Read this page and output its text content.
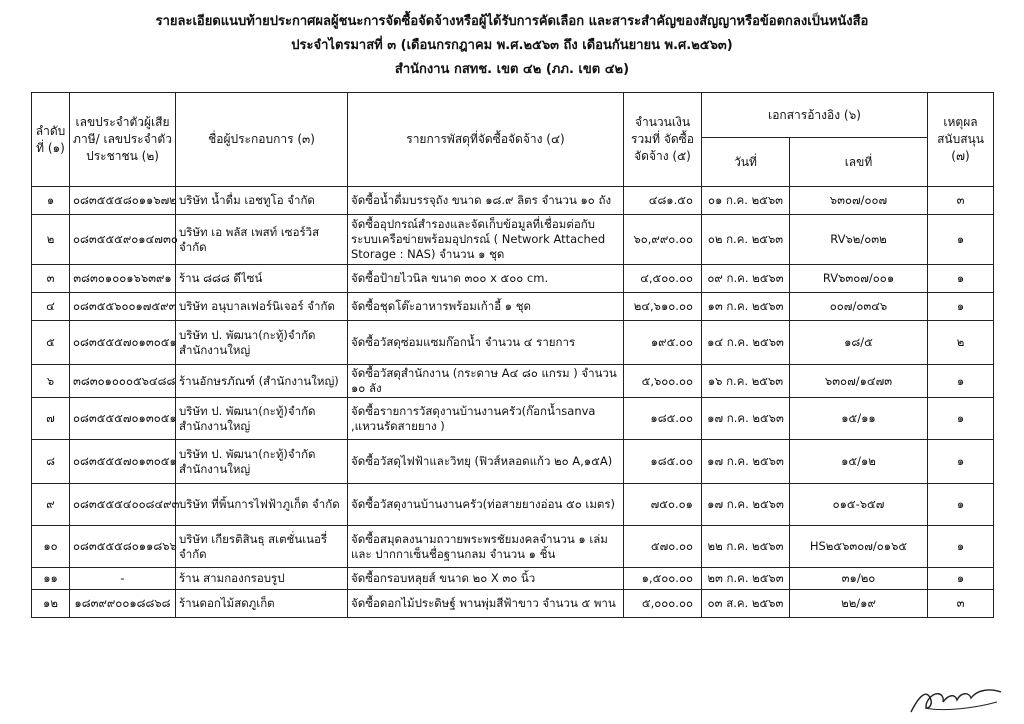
รายละเอียดแนบท้ายประกาศผลผู้ชนะการจัดซื้อจัดจ้างหรือผู้ได้รับการคัดเลือก และสาระสำคัญของสัญญาหรือข้อตกลงเป็นหนังสือ
ประจำไตรมาสที่ ๓ (เดือนกรกฎาคม พ.ศ.๒๕๖๓ ถึง เดือนกันยายน พ.ศ.๒๕๖๓)
สำนักงาน กสทช. เขต ๔๒ (ภภ. เขต ๔๒)
ลำดับ ที่ (๑)	เลขประจำตัวผู้เสีย ภาษี/ เลขประจำตัวประชาชน (๒)	ชื่อผู้ประกอบการ (๓)	รายการพัสดุที่จัดซื้อจัดจ้าง (๔)	จำนวนเงิน รวมที่ จัดซื้อจัดจ้าง (๕)	เอกสารอ้างอิง (๖)		เหตุผล สนับสนุน (๗)
					วันที่	เลขที่	
๑	๐๘๓๕๕๕๘๐๑๑๖๗๒	บริษัท น้ำดื่ม เอชทูโอ จำกัด	จัดซื้อน้ำดื่มบรรจุถัง ขนาด ๑๘.๙ ลิตร จำนวน ๑๐ ถัง	๔๘๑.๕๐	๐๑ ก.ค. ๒๕๖๓	๖๓๐๗/๐๐๗	๓
๒	๐๘๓๕๕๕๙๐๑๔๗๓๐	บริษัท เอ พลัส เพสท์ เซอร์วิส จำกัด	จัดซื้ออุปกรณ์สำรองและจัดเก็บข้อมูลที่เชื่อมต่อกับระบบเครือข่ายพร้อมอุปกรณ์ ( Network Attached Storage : NAS) จำนวน ๑ ชุด	๖๐,๙๙๐.๐๐	๐๒ ก.ค. ๒๕๖๓	RV๖๒/๐๓๒	๑
๓	๓๘๓๐๑๐๐๑๖๖๓๙๑	ร้าน ๘๘๘ ดีไซน์	จัดซื้อป้ายไวนิล ขนาด ๓๐๐ x ๕๐๐ cm.	๔,๕๐๐.๐๐	๐๙ ก.ค. ๒๕๖๓	RV๖๓๐๗/๐๐๑	๑
๔	๐๘๓๕๕๖๐๐๑๗๕๙๓	บริษัท อนุบาลเฟอร์นิเจอร์ จำกัด	จัดซื้อชุดโต๊ะอาหารพร้อมเก้าอี้ ๑ ชุด	๒๔,๖๑๐.๐๐	๑๓ ก.ค. ๒๕๖๓	๐๐๗/๐๓๔๖	๑
๕	๐๘๓๕๕๕๗๐๑๓๐๕๑	บริษัท ป. พัฒนา(กะทู้)จำกัด สำนักงานใหญ่	จัดซื้อวัสดุซ่อมแซมก๊อกน้ำ จำนวน ๔ รายการ	๑๙๕.๐๐	๑๔ ก.ค. ๒๕๖๓	๑๘/๕	๒
๖	๓๘๓๐๑๐๐๐๕๖๔๘๘	ร้านอักษรภัณฑ์ (สำนักงานใหญ่)	จัดซื้อวัสดุสำนักงาน (กระดาษ A๔ ๘๐ แกรม ) จำนวน ๑๐ ลัง	๕,๖๐๐.๐๐	๑๖ ก.ค. ๒๕๖๓	๖๓๐๗/๑๔๗๓	๑
๗	๐๘๓๕๕๕๗๐๑๓๐๕๑	บริษัท ป. พัฒนา(กะทู้)จำกัด สำนักงานใหญ่	จัดซื้อรายการวัสดุงานบ้านงานครัว(ก๊อกน้ำsanva ,แหวนรัดสายยาง )	๑๘๕.๐๐	๑๗ ก.ค. ๒๕๖๓	๑๕/๑๑	๑
๘	๐๘๓๕๕๕๗๐๑๓๐๕๑	บริษัท ป. พัฒนา(กะทู้)จำกัด สำนักงานใหญ่	จัดซื้อวัสดุไฟฟ้าและวิทยุ (ฟิวส์หลอดแก้ว ๒๐ A,๑๕A)	๑๘๕.๐๐	๑๗ ก.ค. ๒๕๖๓	๑๕/๑๒	๑
๙	๐๘๓๕๕๕๔๐๐๘๔๙๓	บริษัท ที่พิ้นการไฟฟ้าภูเก็ต จำกัด	จัดซื้อวัสดุงานบ้านงานครัว(ท่อสายยางอ่อน ๕๐ เมตร)	๗๕๐.๐๑	๑๗ ก.ค. ๒๕๖๓	๐๑๕-๖๕๗	๑
๑๐	๐๘๓๕๕๕๘๐๑๑๘๖๖	บริษัท เกียรติสินธุ สเตชั่นเนอรี่ จำกัด	จัดซื้อสมุดลงนามถวายพระพรชัยมงคลจำนวน ๑ เล่ม และ ปากกาเซ็นชื่อฐานกลม จำนวน ๑ ชิ้น	๕๗๐.๐๐	๒๒ ก.ค. ๒๕๖๓	HS๒๕๖๓๐๗/๐๑๖๕	๑
๑๑	-	ร้าน สามกองกรอบรูป	จัดซื้อกรอบหลุยส์ ขนาด ๒๐ X ๓๐ นิ้ว	๑,๕๐๐.๐๐	๒๓ ก.ค. ๒๕๖๓	๓๑/๒๐	๑
๑๒	๑๘๓๙๙๐๐๑๘๘๖๘	ร้านดอกไม้สดภูเก็ต	จัดซื้อดอกไม้ประดิษฐ์ พานพุ่มสีฟ้าขาว จำนวน ๕ พาน	๕,๐๐๐.๐๐	๐๓ ส.ค. ๒๕๖๓	๒๒/๑๙	๓
